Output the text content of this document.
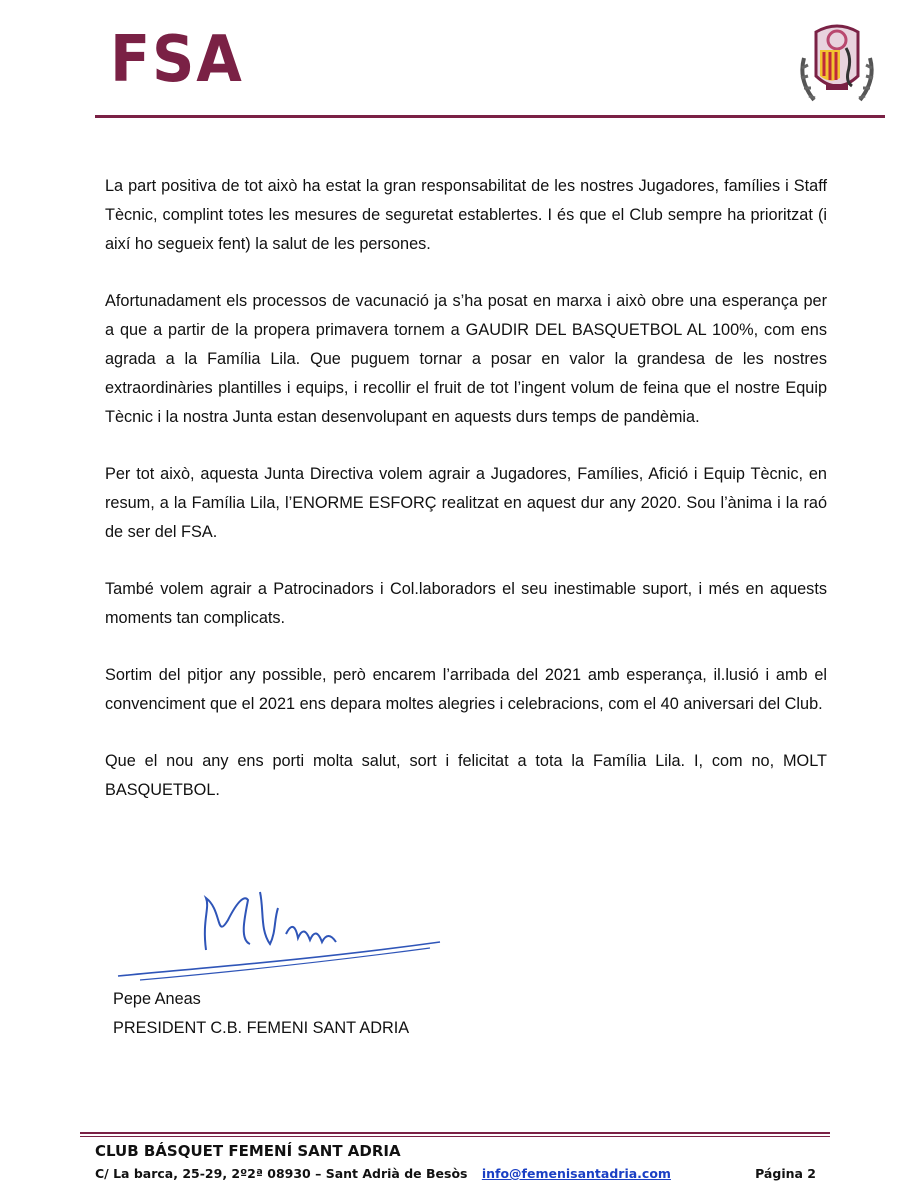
FSA

La part positiva de tot això ha estat la gran responsabilitat de les nostres Jugadores, famílies i Staff Tècnic, complint totes les mesures de seguretat establertes. I és que el Club sempre ha prioritzat (i així ho segueix fent) la salut de les persones.

Afortunadament els processos de vacunació ja s’ha posat en marxa i això obre una esperança per a que a partir de la propera primavera tornem a GAUDIR DEL BASQUETBOL AL 100%, com ens agrada a la Família Lila. Que puguem tornar a posar en valor la grandesa de les nostres extraordinàries plantilles i equips, i recollir el fruit de tot l’ingent volum de feina que el nostre Equip Tècnic i la nostra Junta estan desenvolupant en aquests durs temps de pandèmia.

Per tot això, aquesta Junta Directiva volem agrair a Jugadores, Famílies, Afició i Equip Tècnic, en resum, a la Família Lila, l’ENORME ESFORÇ realitzat en aquest dur any 2020. Sou l’ànima i la raó de ser del FSA.

També volem agrair a Patrocinadors i Col.laboradors el seu inestimable suport, i més en aquests moments tan complicats.

Sortim del pitjor any possible, però encarem l’arribada del 2021 amb esperança, il.lusió i amb el convenciment que el 2021 ens depara moltes alegries i celebracions, com el 40 aniversari del Club.

Que el nou any ens porti molta salut, sort i felicitat a tota la Família Lila. I, com no, MOLT BASQUETBOL.

Pepe Aneas
PRESIDENT C.B. FEMENI SANT ADRIA
CLUB BÁSQUET FEMENÍ SANT ADRIA
C/ La barca, 25-29, 2º2ª 08930 – Sant Adrià de Besòs info@femenisantadria.com	Página 2
